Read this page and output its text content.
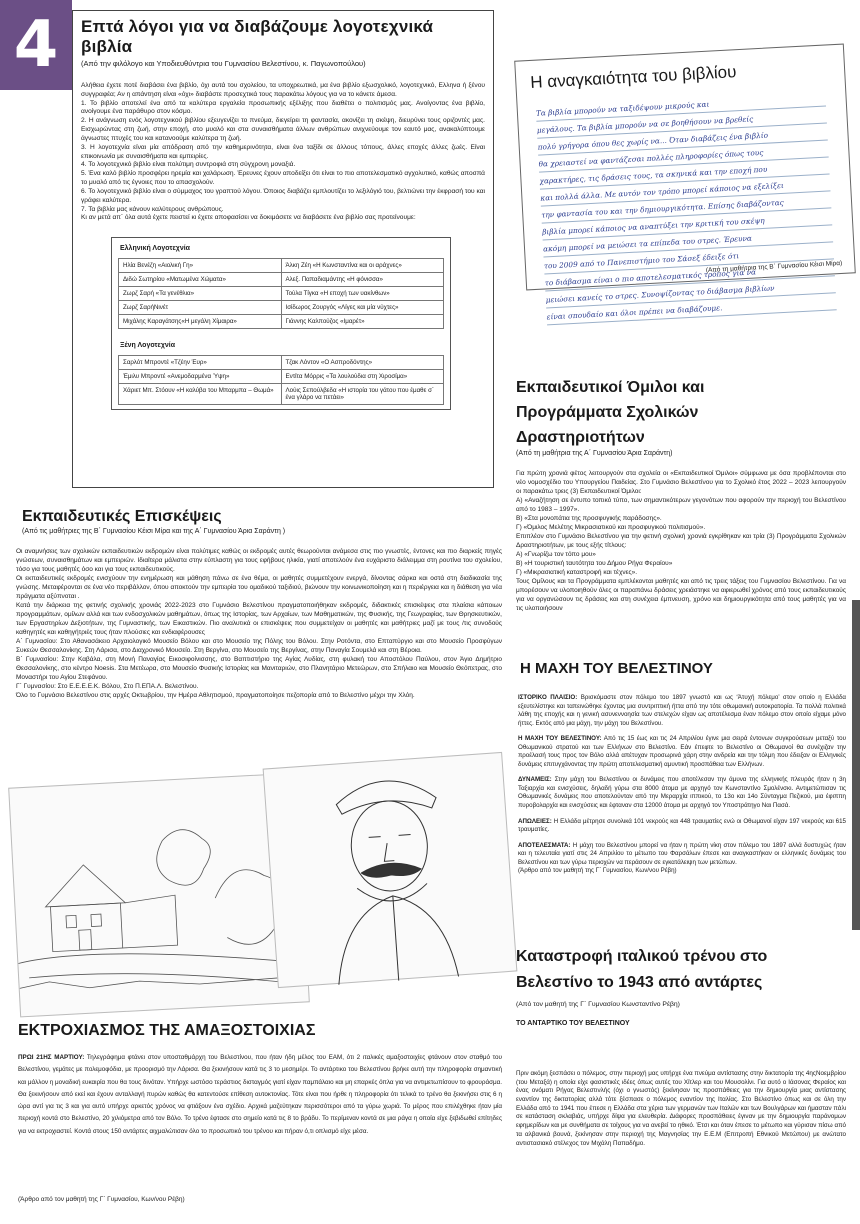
4	Επτά λόγοι για να διαβάζουμε λογοτεχνικά βιβλία
(Από την φιλόλογο και Υποδιευθύντρια του Γυμνασίου Βελεστίνου, κ. Παγωνοπούλου)

Αλήθεια έχετε ποτέ διαβάσει ένα βιβλίο, όχι αυτά του σχολείου, τα υποχρεωτικά, μα ένα βιβλίο εξωσχολικό, λογοτεχνικό, Ελληνα ή ξένου συγγραφέα; Αν η απάντηση είναι «όχι» διαβάστε προσεχτικά τους παρακάτω λόγους για να το κάνετε άμεσα.

1. Το βιβλίο αποτελεί ένα από τα καλύτερα εργαλεία προσωπικής εξέλιξης που διαθέτει ο πολιτισμός μας. Ανοίγοντας ένα βιβλίο, ανοίγουμε ένα παράθυρο στον κόσμο.

2. Η ανάγνωση ενός λογοτεχνικού βιβλίου εξευγενίζει το πνεύμα, διεγείρει τη φαντασία, ακονίζει τη σκέψη, διευρύνει τους οριζοντές μας. Εισχωρώντας στη ζωή, στην εποχή, στο μυαλό και στα συναισθήματα άλλων ανθρώπων ανιχνεύουμε τον εαυτό μας, ανακαλύπτουμε άγνωστες πτυχές του και κατανοούμε καλύτερα τη ζωή.

3. Η λογοτεχνία είναι μία απόδραση από την καθημερινότητα, είναι ένα ταξίδι σε άλλους τόπους, άλλες εποχές άλλες ζωές. Είναι επικοινωνία με συναισθήματα και εμπειρίες.

4. Το λογοτεχνικό βιβλίο είναι πολύτιμη συντροφιά στη σύγχρονη μοναξιά.

5. Ένα καλό βιβλίο προσφέρει ηρεμία και χαλάρωση. Έρευνες έχουν αποδείξει ότι είναι το πιο αποτελεσματικό αγχολυτικό, καθώς αποσπά το μυαλό από τις έγνοιες που το απασχολούν.

6. Το λογοτεχνικό βιβλίο είναι ο σύμμαχος του γραπτού λόγου. Όποιος διαβάζει εμπλουτίζει το λεξιλόγιό του, βελτιώνει την έκφρασή του και γράφει καλύτερα.

7. Τα βιβλία μας κάνουν καλύτερους ανθρώπους.

Κι αν μετά απ΄ όλα αυτά έχετε πειστεί κι έχετε αποφασίσει να δοκιμάσετε να διαβάσετε ένα βιβλίο σας προτείνουμε:

Ελληνική Λογοτεχνία
Ηλία Βενέζη «Αιολική Γη»	Άλκη Ζέη «Η Κωνσταντίνα και οι αράχνες»
Διδώ Σωτηρίου «Ματωμένα Χώματα»	Αλεξ. Παπαδιαμάντης «Η φόνισσα»
Ζωρζ Σαρή «Τα γενέθλια»	Τούλα Τίγκα «Η εποχή των υακίνθων»
Ζωρζ ΣαρήΝινέτ	Ισίδωρος Ζουργός «Λίγες και μία νύχτες»
Μιχάλης Καραγάτσης«Η μεγάλη Χίμαιρα»	Γιάννης Καλπούζος «Ιμαρέτ»
Ξένη Λογοτεχνία
Σαρλότ Μπροντέ «Τζέην Έυρ»	Τζακ Λόντον «Ο Ασπροδόντης»
Έμιλυ Μπροντέ «Ανεμοδαρμένα Ύψη»	Εντίτα Μόρρις «Τα λουλούδια στη Χιροσίμα»
Χάριετ Μπ. Στόουν «Η καλύβα του Μπαρμπα – Θωμά»	Λούις Σεπούλβεδα «Η ιστορία του γάτου που έμαθε σ΄ ένα γλάρο να πετάει»
Η αναγκαιότητα του βιβλίου
Τα βιβλία μπορούν να ταξιδέψουν μικρούς και
μεγάλους. Τα βιβλία μπορούν να σε βοηθήσουν να βρεθείς
πολύ γρήγορα όπου θες χωρίς να... Όταν διαβάζεις ένα βιβλίο
θα χρειαστεί να φαντάζεσαι πολλές πληροφορίες όπως τους
χαρακτήρες, τις δράσεις τους, τα σκηνικά και την εποχή που
και πολλά άλλα. Με αυτόν τον τρόπο μπορεί κάποιος να εξελίξει
την φαντασία του και την δημιουργικότητα. Επίσης διαβάζοντας
βιβλία μπορεί κάποιος να αναπτύξει την κριτική του σκέψη
ακόμη μπορεί να μειώσει τα επίπεδα του στρες. Έρευνα
του 2009 από το Πανεπιστήμιο του Σάσεξ έδειξε ότι
το διάβασμα είναι ο πιο αποτελεσματικός τρόπος για να
μειώσει κανείς το στρες. Συνοψίζοντας το διάβασμα βιβλίων
είναι σπουδαίο και όλοι πρέπει να διαβάζουμε.
(Από τη μαθήτρια της Β΄ Γυμνασίου Κέισι Μίρα)
Εκπαιδευτικές Επισκέψεις
(Από τις μαθήτριες της Β΄ Γυμνασίου Κέισι Μίρα και της Α΄ Γυμνασίου Άρια Σαράντη )

Οι αναμνήσεις των σχολικών εκπαιδευτικών εκδρομών είναι πολύτιμες καθώς οι εκδρομές αυτές θεωρούνται ανάμεσα στις πιο γνωστές, έντονες και πιο διαρκείς πηγές γνώσεων, συναισθημάτων και εμπειριών. Ιδιαίτερα μάλιστα στην εύπλαστη για τους εφήβους ηλικία, γιατί αποτελούν ένα ευχάριστο διάλειμμα στη ρουτίνα του σχολείου, τόσο για τους μαθητές όσο και για τους εκπαιδευτικούς.

Οι εκπαιδευτικές εκδρομές ενισχύουν την ενημέρωση και μάθηση πάνω σε ένα θέμα, οι μαθητές συμμετέχουν ενεργά, δίνοντας σάρκα και οστά στη διαδικασία της γνώσης. Μεταφέρονται σε ένα νέο περιβάλλον, όπου αποκτούν την εμπειρία του ομαδικού ταξιδιού, βιώνουν την κοινωνικοποίηση και η περιέργεια και η διάθεση για νέα πράγματα αξύπνοται .

Κατά την διάρκεια της φετινής σχολικής χρονιάς 2022-2023 στο Γυμνάσιο Βελεστίνου πραγματοποιήθηκαν εκδρομές, διδακτικές επισκέψεις στα πλαίσια κάποιων προγραμμάτων, ομίλων αλλά και των ενδοσχολικών μαθημάτων, όπως της Ιστορίας, των Αρχαίων, των Μαθηματικών, της Φυσικής, της Γεωγραφίας, των Θρησκευτικών, των Εργαστηρίων Δεξιοτήτων, της Γυμναστικής, των Εικαστικών. Πιο αναλυτικά οι επισκέψεις που συμμετείχαν οι μαθητές και μαθήτριες μαζί με τους /τις συνοδούς καθηγητές και καθηγήτριές τους ήταν πλούσιες και ενδιαφέρουσες

Α΄ Γυμνασίου: Στο Αθανασάκειο Αρχαιολογικό Μουσείο Βόλου και στο Μουσείο της Πόλης του Βόλου. Στην Ροτόντα, στο Επταπύργιο και στο Μουσείο Προσφύγων Συκεών Θεσσαλονίκης. Στη Λάρισα, στο Διαχρονικό Μουσείο. Στη Βεργίνα, στο Μουσείο της Βεργίνας, στην Παναγία Σουμελά και στη Βέροια.

Β΄ Γυμνασίου: Στην Καβάλα, στη Μονή Παναγίας Εικοσιφοίνισσης, στο Βαπτιστήριο της Αγίας Λυδίας, στη φυλακή του Αποστόλου Παύλου, στον Άγιο Δημήτριο Θεσσαλονίκης, στο κέντρο Noesis. Στα Μετέωρα, στο Μουσείο Φυσικής Ιστορίας και Μανιταριών, στο Πλανητάριο Μετεώρων, στο Σπήλαιο και Μουσείο Θεόπετρας, στο Μοναστήρι του Αγίου Στεφάνου.

Γ΄ Γυμνασίου: Στο Ε.Ε.Ε.Ε.Κ. Βόλου, Στο Π.ΕΠΑ.Λ. Βελεστίνου.

Όλο το Γυμνάσιο Βελεστίνου στις αρχές Οκτωβρίου, την Ημέρα Αθλητισμού, πραγματοποίησε πεζοπορία από το Βελεστίνο μέχρι την Χλόη.

Εκπαιδευτικοί Όμιλοι και
Προγράμματα Σχολικών
Δραστηριοτήτων
(Από τη μαθήτρια της Α΄ Γυμνασίου Άρια Σαράντη)

Για πρώτη χρονιά φέτος λειτουργούν στα σχολεία οι «Εκπαιδευτικοί Όμιλοι» σύμφωνα με όσα προβλέπονται στο νέο νομοσχέδιο του Υπουργείου Παιδείας. Στο Γυμνάσιο Βελεστίνου για το Σχολικό έτος 2022 – 2023 λειτουργούν οι παρακάτω τρεις (3) Εκπαιδευτικοί Όμιλοι:

Α) «Αναζήτηση σε έντυπο τοπικό τύπο, των σημαντικότερων γεγονότων που αφορούν την περιοχή του Βελεστίνου από το 1983 – 1997».

Β) «Στα μονοπάτια της προσφυγικής παράδοσης».

Γ) «Όμιλος Μελέτης Μικρασιατικού και προσφυγικού πολιτισμού».

Επιπλέον στο Γυμνάσιο Βελεστίνου για την φετινή σχολική χρονιά εγκρίθηκαν και τρία (3) Προγράμματα Σχολικών Δραστηριοτήτων, με τους εξής τίτλους:

Α) «Γνωρίζω τον τόπο μου»

Β) «Η τουριστική ταυτότητα του Δήμου Ρήγα Φεραίου»

Γ) «Μικρασιατική καταστροφή και τέχνες».

Τους Ομίλους και τα Προγράμματα εμπλέκονται μαθητές και από τις τρεις τάξεις του Γυμνασίου Βελεστίνου. Για να μπορέσουν να υλοποιηθούν όλες οι παραπάνω δράσεις χρειάστηκε να αφιερωθεί χρόνος από τους εκπαιδευτικούς για να οργανώσουν τις δράσεις και στη συνέχεια έμπνευση, χρόνο και δημιουργικότητα από τους μαθητές για να τις υλοποιήσουν

Η ΜΑΧΗ ΤΟΥ ΒΕΛΕΣΤΙΝΟΥ

ΙΣΤΟΡΙΚΟ ΠΛΑΙΣΙΟ: Βρισκόμαστε στον πόλεμο του 1897 γνωστό και ως ‘Άτυχή πόλεμο’ στον οποίο η Ελλάδα εξευτελίστηκε και ταπεινώθηκε έχοντας μια συντριπτική ήττα από την τότε οθωμανική αυτοκρατορία. Τα πολλά πολιτικά λάθη της εποχής και η γενική ασυνεννοησία των στελεχών είχαν ως αποτέλεσμα έναν πόλεμο στον οποίο είχαμε μόνο ήττες. Εκτός από μια μάχη, την μάχη του Βελεστίνου.

Η ΜΑΧΗ ΤΟΥ ΒΕΛΕΣΤΙΝΟΥ: Από τις 15 έως και τις 24 Απριλίου έγινε μια σειρά έντονων συγκρούσεων μεταξύ του Οθωμανικού στρατού και των Ελλήνων στο Βελεστίνο. Εάν έπεφτε το Βελεστίνο οι Οθωμανοί θα συνέχιζαν την προέλασή τους προς τον Βόλο αλλά απέτυχαν προσωρινά χάρη στην ανδρεία και την τόλμη που έδειξαν οι Ελληνικές δυνάμεις επιτυγχάνοντας την πρώτη αποτελεσματική αμυντική προσπάθεια των Ελλήνων.

ΔΥΝΑΜΕΙΣ: Στην μάχη του Βελεστίνου οι δυνάμεις που αποτέλεσαν την άμυνα της ελληνικής πλευράς ήταν η 3η Ταξιαρχία και ενισχύσεις, δηλαδή γύρω στα 8000 άτομα με αρχηγό τον Κωνσταντίνο Σμολένσκι. Αντιμετώπισαν τις Οθωμανικές δυνάμεις που αποτελούνταν από την Μεραρχία ιππικού, το 13ο και 14ο Σύνταγμα Πεζικού, μια έφιππη πυροβολαρχία και ενισχύσεις και έφταναν στα 12000 άτομα με αρχηγό τον Υποστράτηγο Ναι Πασά.

ΑΠΩΛΕΙΕΣ: Η Ελλάδα μέτρησε συνολικά 101 νεκρούς και 448 τραυματίες ενώ οι Οθωμανοί είχαν 197 νεκρούς και 615 τραυματίες.

ΑΠΟΤΕΛΕΣΜΑΤΑ: Η μάχη του Βελεστίνου μπορεί να ήταν η πρώτη νίκη στον πόλεμο του 1897 αλλά δυστυχώς ήταν και η τελευταία γιατί στις 24 Απριλίου το μέτωπο του Φαρσάλων έπεσε και αναγκαστήκαν οι ελληνικές δυνάμεις του Βελεστίνου και των γύρω περιοχών να περάσουν σε εγκατάλειψη των μετώπων.

(Άρθρο από τον μαθητή της Γ΄ Γυμνασίου, Κων/νου Ρέβη)

ΕΚΤΡΟΧΙΑΣΜΟΣ ΤΗΣ ΑΜΑΞΟΣΤΟΙΧΙΑΣ

ΠΡΩΙ 21ΗΣ ΜΑΡΤΙΟΥ: Τηλεγράφημα φτάνει στον υποσταθμάρχη του Βελεστίνου, που ήταν ήδη μέλος του ΕΑΜ, ότι 2 ιταλικές αμαξοστοιχίες φτάνουν στον σταθμό του Βελεστίνου, γεμάτες με πολεμοφόδια, με προορισμό την Λάρισα. Θα ξεκινήσουν κατά τις 3 το μεσημέρι. Το αντάρτικο του Βελεστίνου βρήκε αυτή την πληροφορία σημαντική και μάλλον η μοναδική ευκαιρία που θα τους δινόταν. Υπήρχε ωστόσο τεράστιος δισταγμός γιατί είχαν παμπάλαιο και μη επαρκές όπλα για να αντιμετωπίσουν το φρουράσμα. Θα ξεκινήσουν από εκεί και έχουν ανταλλαγή πυρών καθώς θα κατεντούσε επίθεση αυτοκτονίας. Τότε είναι που ήρθε η πληροφορία ότι τελικά το τρένο θα ξεκινήσει στις 6 η ώρα αντί για τις 3 και για αυτό υπήρχε αρκετός χρόνος να φτιάξουν ένα σχέδιο. Αρχικά μαζεύτηκαν περισσότεροι από τα γύρω χωριά. Το μέρος που επιλέχθηκε ήταν μία περιοχή κοντά στο Βελεστίνο, 20 χιλιόμετρα από τον Βόλο. Το τρένο έφτασε στο σημείο κατά τις 8 το βράδυ. Το περίμεναν κοντά σε μια ράγα η οποία είχε ξεβιδωθεί επίτηδες για να εκτροχιαστεί. Κοντά στους 150 αντάρτες αιχμαλώτισαν όλο το προσωπικό του τρένου και πήραν ό,τι οπλισμό είχε μέσα.

(Άρθρο από τον μαθητή της Γ΄ Γυμνασίου, Κων/νου Ρέβη)
Καταστροφή ιταλικού τρένου στο
Βελεστίνο το 1943 από αντάρτες
(Από τον μαθητή της Γ΄ Γυμνασίου Κωνσταντίνο Ρέβη)
ΤΟ ΑΝΤΑΡΤΙΚΟ ΤΟΥ ΒΕΛΕΣΤΙΝΟΥ
Πριν ακόμη ξεσπάσει ο πόλεμος, στην περιοχή μας υπήρχε ένα πνεύμα αντίστασης στην δικτατορία της 4ηςΝοεμβρίου (του Μεταξά) η οποία είχε φασιστικές ιδέες όπως αυτές του Χίτλερ και του Μουσολίνι. Για αυτό ο Ιάσονας Φεραίος και ένας ονόματι Ρήγας Βελεστινλής (όχι ο γνωστός) ξεκίνησαν τις προσπάθειες για την δημιουργία μιας αντίστασης εναντίον της δικτατορίας αλλά τότε ξέσπασε ο πόλεμος εναντίον της Ιταλίας. Στο Βελεστίνο όπως και σε όλη την Ελλάδα από το 1941 που έπεσε η Ελλάδα στα χέρια των γερμανών των Ιταλών και των Βουλγάρων και ήμασταν πάλι σε κατάσταση σκλαβιάς, υπήρχε δίψα για ελευθερία. Διάφορες προσπάθειες έγιναν με την δημιουργία παράνομων εφημερίδων και με συνθήματα σε τοίχους για να ανεβεί το ηθικό. Έτσι και όταν έπεσε το μέτωπο και γύρισαν πίσω από τα αλβανικά βουνά, ξεκίνησαν στην περιοχή της Μαγνησίας την Ε.Ε.Μ (Επιτροπή Εθνικού Μετώπου) με ανώτατο αντιστασιακό στέλεχος τον Μιχάλη Παπαδήμο.
